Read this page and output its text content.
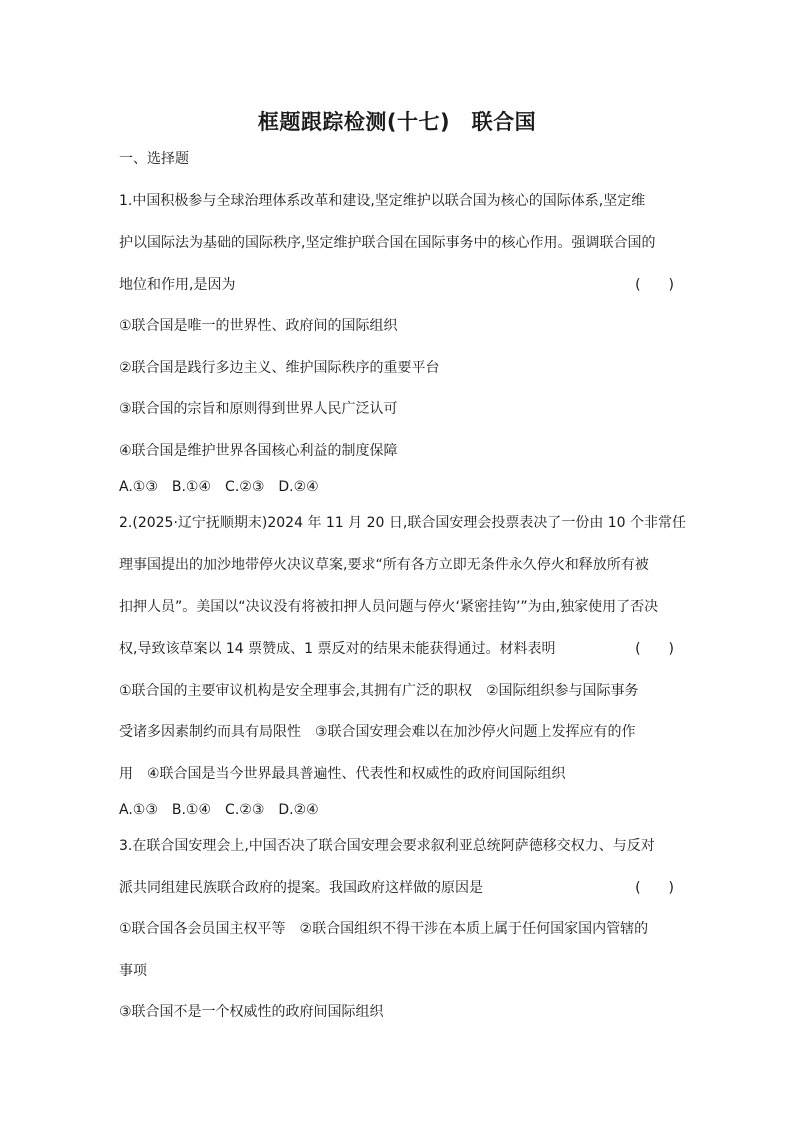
框题跟踪检测(十七)　联合国
一、选择题
1.中国积极参与全球治理体系改革和建设,坚定维护以联合国为核心的国际体系,坚定维
护以国际法为基础的国际秩序,坚定维护联合国在国际事务中的核心作用。强调联合国的
地位和作用,是因为	(　　)
①联合国是唯一的世界性、政府间的国际组织
②联合国是践行多边主义、维护国际秩序的重要平台
③联合国的宗旨和原则得到世界人民广泛认可
④联合国是维护世界各国核心利益的制度保障
A.①③　B.①④　C.②③　D.②④
2.(2025·辽宁抚顺期末)2024 年 11 月 20 日,联合国安理会投票表决了一份由 10 个非常任
理事国提出的加沙地带停火决议草案,要求“所有各方立即无条件永久停火和释放所有被
扣押人员”。美国以“决议没有将被扣押人员问题与停火‘紧密挂钩’”为由,独家使用了否决
权,导致该草案以 14 票赞成、1 票反对的结果未能获得通过。材料表明	(　　)
①联合国的主要审议机构是安全理事会,其拥有广泛的职权　②国际组织参与国际事务
受诸多因素制约而具有局限性　③联合国安理会难以在加沙停火问题上发挥应有的作
用　④联合国是当今世界最具普遍性、代表性和权威性的政府间国际组织
A.①③　B.①④　C.②③　D.②④
3.在联合国安理会上,中国否决了联合国安理会要求叙利亚总统阿萨德移交权力、与反对
派共同组建民族联合政府的提案。我国政府这样做的原因是	(　　)
①联合国各会员国主权平等　②联合国组织不得干涉在本质上属于任何国家国内管辖的
事项
③联合国不是一个权威性的政府间国际组织
